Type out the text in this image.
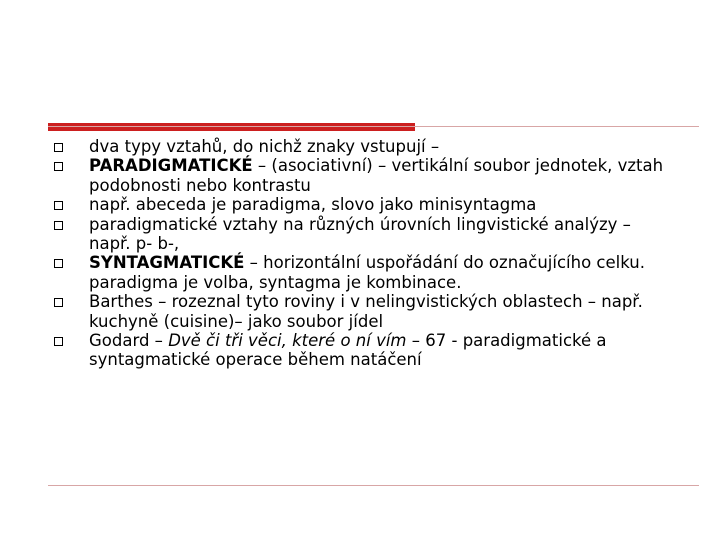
dva typy vztahů, do nichž znaky vstupují –
PARADIGMATICKÉ – (asociativní) – vertikální soubor jednotek, vztah podobnosti nebo kontrastu
např. abeceda je paradigma, slovo jako minisyntagma
paradigmatické vztahy na různých úrovních lingvistické analýzy – např. p- b-,
SYNTAGMATICKÉ – horizontální uspořádání do označujícího celku. paradigma je volba, syntagma je kombinace.
Barthes – rozeznal tyto roviny i v nelingvistických oblastech – např. kuchyně (cuisine)– jako soubor jídel
Godard – Dvě či tři věci, které o ní vím – 67 - paradigmatické a syntagmatické operace během natáčení
